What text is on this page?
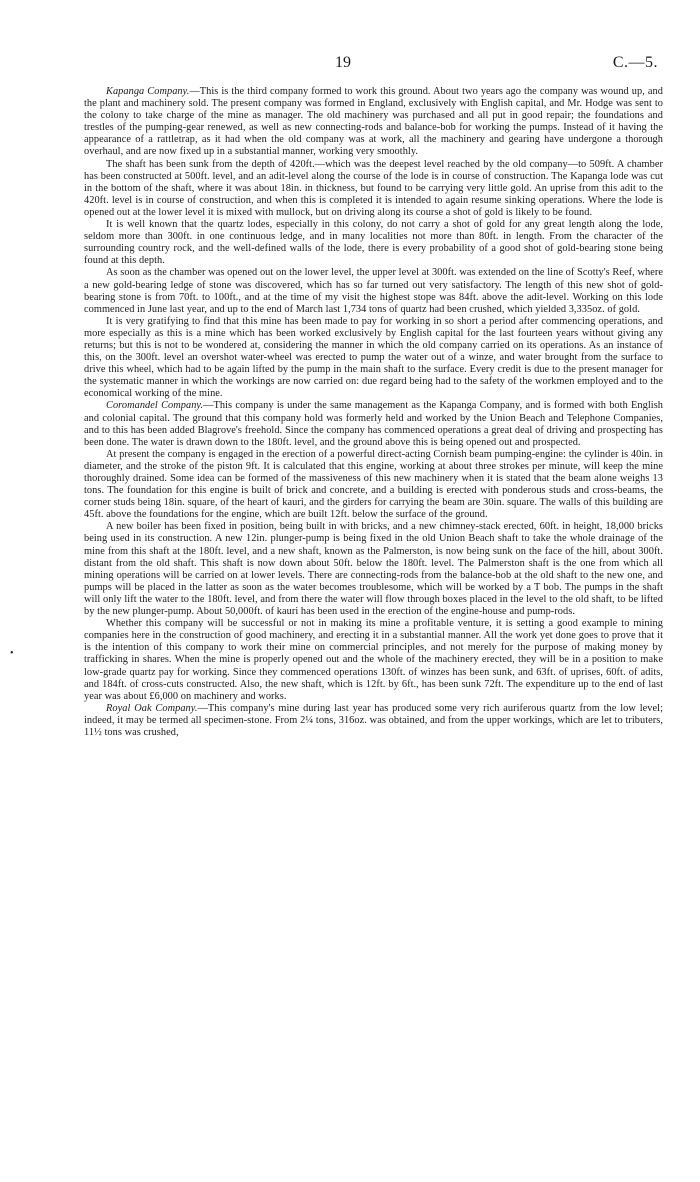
19	C.—5.
•

Kapanga Company.—This is the third company formed to work this ground. About two years ago the company was wound up, and the plant and machinery sold. The present company was formed in England, exclusively with English capital, and Mr. Hodge was sent to the colony to take charge of the mine as manager. The old machinery was purchased and all put in good repair; the foundations and trestles of the pumping-gear renewed, as well as new connecting-rods and balance-bob for working the pumps. Instead of it having the appearance of a rattletrap, as it had when the old company was at work, all the machinery and gearing have undergone a thorough overhaul, and are now fixed up in a substantial manner, working very smoothly.

The shaft has been sunk from the depth of 420ft.—which was the deepest level reached by the old company—to 509ft. A chamber has been constructed at 500ft. level, and an adit-level along the course of the lode is in course of construction. The Kapanga lode was cut in the bottom of the shaft, where it was about 18in. in thickness, but found to be carrying very little gold. An uprise from this adit to the 420ft. level is in course of construction, and when this is completed it is intended to again resume sinking operations. Where the lode is opened out at the lower level it is mixed with mullock, but on driving along its course a shot of gold is likely to be found.

It is well known that the quartz lodes, especially in this colony, do not carry a shot of gold for any great length along the lode, seldom more than 300ft. in one continuous ledge, and in many localities not more than 80ft. in length. From the character of the surrounding country rock, and the well-defined walls of the lode, there is every probability of a good shot of gold-bearing stone being found at this depth.

As soon as the chamber was opened out on the lower level, the upper level at 300ft. was extended on the line of Scotty's Reef, where a new gold-bearing ledge of stone was discovered, which has so far turned out very satisfactory. The length of this new shot of gold-bearing stone is from 70ft. to 100ft., and at the time of my visit the highest stope was 84ft. above the adit-level. Working on this lode commenced in June last year, and up to the end of March last 1,734 tons of quartz had been crushed, which yielded 3,335oz. of gold.

It is very gratifying to find that this mine has been made to pay for working in so short a period after commencing operations, and more especially as this is a mine which has been worked exclusively by English capital for the last fourteen years without giving any returns; but this is not to be wondered at, considering the manner in which the old company carried on its operations. As an instance of this, on the 300ft. level an overshot water-wheel was erected to pump the water out of a winze, and water brought from the surface to drive this wheel, which had to be again lifted by the pump in the main shaft to the surface. Every credit is due to the present manager for the systematic manner in which the workings are now carried on: due regard being had to the safety of the workmen employed and to the economical working of the mine.

Coromandel Company.—This company is under the same management as the Kapanga Company, and is formed with both English and colonial capital. The ground that this company hold was formerly held and worked by the Union Beach and Telephone Companies, and to this has been added Blagrove's freehold. Since the company has commenced operations a great deal of driving and prospecting has been done. The water is drawn down to the 180ft. level, and the ground above this is being opened out and prospected.

At present the company is engaged in the erection of a powerful direct-acting Cornish beam pumping-engine: the cylinder is 40in. in diameter, and the stroke of the piston 9ft. It is calculated that this engine, working at about three strokes per minute, will keep the mine thoroughly drained. Some idea can be formed of the massiveness of this new machinery when it is stated that the beam alone weighs 13 tons. The foundation for this engine is built of brick and concrete, and a building is erected with ponderous studs and cross-beams, the corner studs being 18in. square, of the heart of kauri, and the girders for carrying the beam are 30in. square. The walls of this building are 45ft. above the foundations for the engine, which are built 12ft. below the surface of the ground.

A new boiler has been fixed in position, being built in with bricks, and a new chimney-stack erected, 60ft. in height, 18,000 bricks being used in its construction. A new 12in. plunger-pump is being fixed in the old Union Beach shaft to take the whole drainage of the mine from this shaft at the 180ft. level, and a new shaft, known as the Palmerston, is now being sunk on the face of the hill, about 300ft. distant from the old shaft. This shaft is now down about 50ft. below the 180ft. level. The Palmerston shaft is the one from which all mining operations will be carried on at lower levels. There are connecting-rods from the balance-bob at the old shaft to the new one, and pumps will be placed in the latter as soon as the water becomes troublesome, which will be worked by a T bob. The pumps in the shaft will only lift the water to the 180ft. level, and from there the water will flow through boxes placed in the level to the old shaft, to be lifted by the new plunger-pump. About 50,000ft. of kauri has been used in the erection of the engine-house and pump-rods.

Whether this company will be successful or not in making its mine a profitable venture, it is setting a good example to mining companies here in the construction of good machinery, and erecting it in a substantial manner. All the work yet done goes to prove that it is the intention of this company to work their mine on commercial principles, and not merely for the purpose of making money by trafficking in shares. When the mine is properly opened out and the whole of the machinery erected, they will be in a position to make low-grade quartz pay for working. Since they commenced operations 130ft. of winzes has been sunk, and 63ft. of uprises, 60ft. of adits, and 184ft. of cross-cuts constructed. Also, the new shaft, which is 12ft. by 6ft., has been sunk 72ft. The expenditure up to the end of last year was about £6,000 on machinery and works.

Royal Oak Company.—This company's mine during last year has produced some very rich auriferous quartz from the low level; indeed, it may be termed all specimen-stone. From 2¼ tons, 316oz. was obtained, and from the upper workings, which are let to tributers, 11½ tons was crushed,
